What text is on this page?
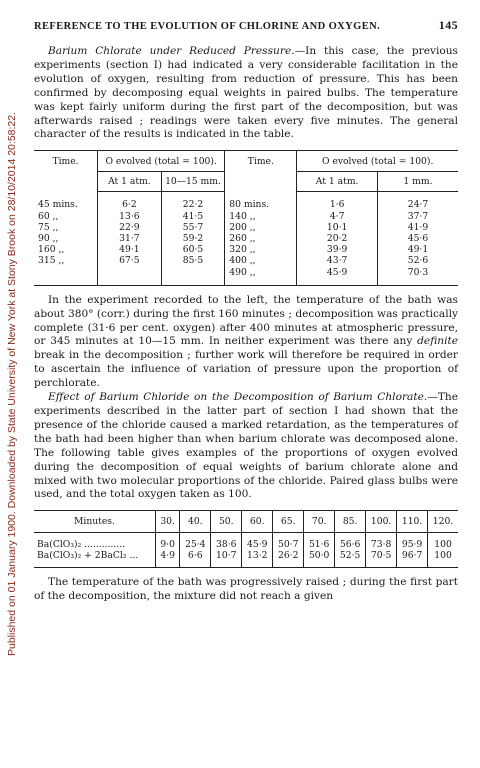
Published on 01 January 1900. Downloaded by State University of New York at Stony Brook on 28/10/2014 20:58:22.
REFERENCE TO THE EVOLUTION OF CHLORINE AND OXYGEN.	145

Barium Chlorate under Reduced Pressure.—In this case, the previous experiments (section I) had indicated a very considerable facilitation in the evolution of oxygen, resulting from reduction of pressure. This has been confirmed by decomposing equal weights in paired bulbs. The temperature was kept fairly uniform during the first part of the decomposition, but was afterwards raised ; readings were taken every five minutes. The general character of the results is indicated in the table.

Time.	O evolved (total = 100).		Time.	O evolved (total = 100).	
	At 1 atm.	10—15 mm.		At 1 atm.	1 mm.
45 mins.	6·2	22·2	80 mins.	1·6	24·7
60 ,,	13·6	41·5	140 ,,	4·7	37·7
75 ,,	22·9	55·7	200 ,,	10·1	41·9
90 ,,	31·7	59·2	260 ,,	20·2	45·6
160 ,,	49·1	60·5	320 ,,	39·9	49·1
315 ,,	67·5	85·5	400 ,,	43·7	52·6
			490 ,,	45·9	70·3

In the experiment recorded to the left, the temperature of the bath was about 380° (corr.) during the first 160 minutes ; decomposition was practically complete (31·6 per cent. oxygen) after 400 minutes at atmospheric pressure, or 345 minutes at 10—15 mm. In neither experiment was there any definite break in the decomposition ; further work will therefore be required in order to ascertain the influence of variation of pressure upon the proportion of perchlorate.

Effect of Barium Chloride on the Decomposition of Barium Chlorate.—The experiments described in the latter part of section I had shown that the presence of the chloride caused a marked retardation, as the temperatures of the bath had been higher than when barium chlorate was decomposed alone. The following table gives examples of the proportions of oxygen evolved during the decomposition of equal weights of barium chlorate alone and mixed with two molecular proportions of the chloride. Paired glass bulbs were used, and the total oxygen taken as 100.

Minutes.	30.	40.	50.	60.	65.	70.	85.	100.	110.	120.
Ba(ClO₃)₂ ..............	9·0	25·4	38·6	45·9	50·7	51·6	56·6	73·8	95·9	100
Ba(ClO₃)₂ + 2BaCl₂ ...	4·9	6·6	10·7	13·2	26·2	50·0	52·5	70·5	96·7	100

The temperature of the bath was progressively raised ; during the first part of the decomposition, the mixture did not reach a given
